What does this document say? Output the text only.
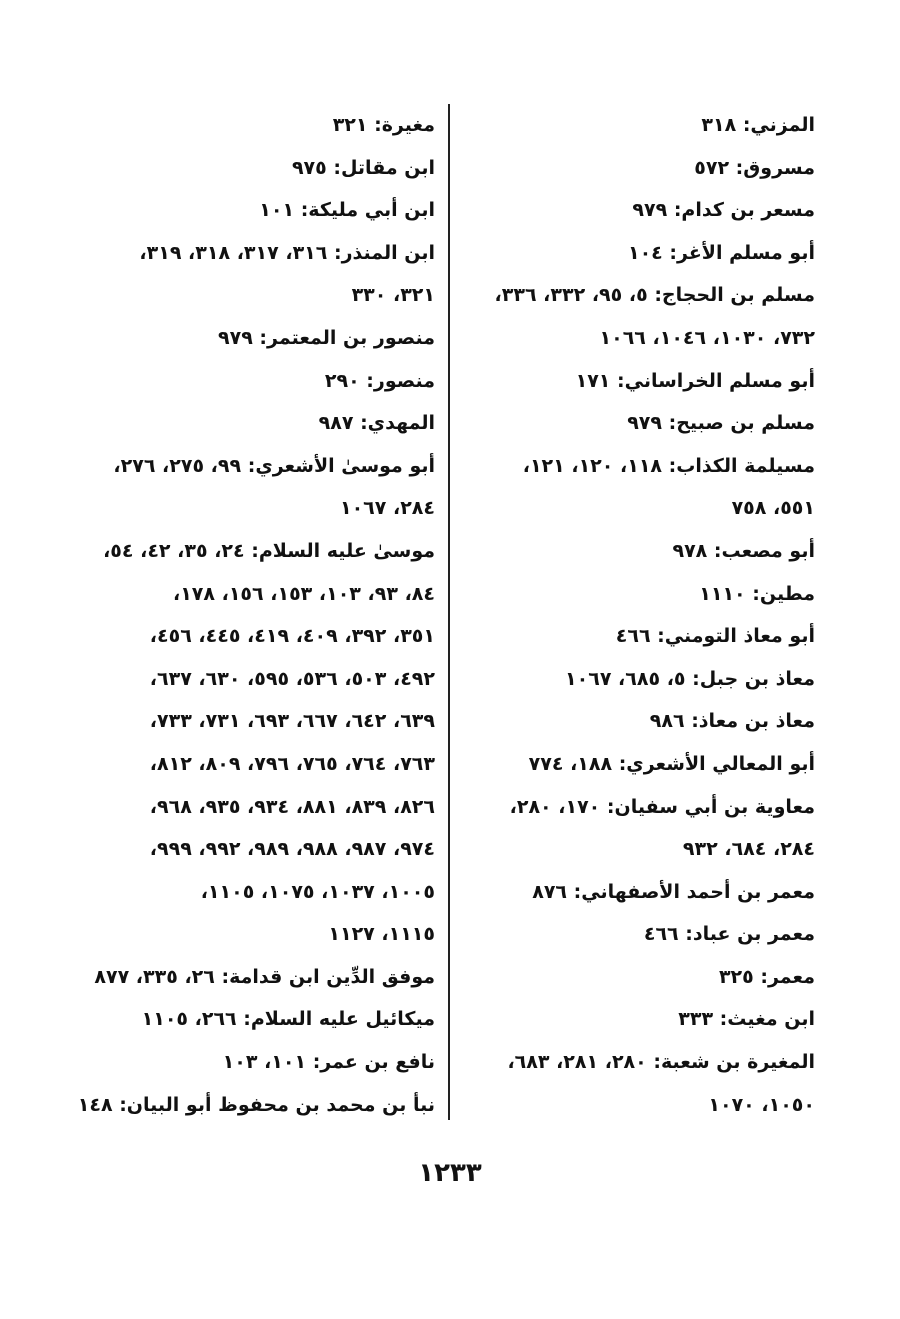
المزني: ٣١٨
مسروق: ٥٧٢
مسعر بن كدام: ٩٧٩
أبو مسلم الأغر: ١٠٤
مسلم بن الحجاج: ٥، ٩٥، ٣٣٢، ٣٣٦،
٧٣٢، ١٠٣٠، ١٠٤٦، ١٠٦٦
أبو مسلم الخراساني: ١٧١
مسلم بن صبيح: ٩٧٩
مسيلمة الكذاب: ١١٨، ١٢٠، ١٢١،
٥٥١، ٧٥٨
أبو مصعب: ٩٧٨
مطين: ١١١٠
أبو معاذ التومني: ٤٦٦
معاذ بن جبل: ٥، ٦٨٥، ١٠٦٧
معاذ بن معاذ: ٩٨٦
أبو المعالي الأشعري: ١٨٨، ٧٧٤
معاوية بن أبي سفيان: ١٧٠، ٢٨٠،
٢٨٤، ٦٨٤، ٩٣٢
معمر بن أحمد الأصفهاني: ٨٧٦
معمر بن عباد: ٤٦٦
معمر: ٣٢٥
ابن مغيث: ٣٣٣
المغيرة بن شعبة: ٢٨٠، ٢٨١، ٦٨٣،
١٠٥٠، ١٠٧٠
مغيرة: ٣٢١
ابن مقاتل: ٩٧٥
ابن أبي مليكة: ١٠١
ابن المنذر: ٣١٦، ٣١٧، ٣١٨، ٣١٩،
٣٢١، ٣٣٠
منصور بن المعتمر: ٩٧٩
منصور: ٢٩٠
المهدي: ٩٨٧
أبو موسىٰ الأشعري: ٩٩، ٢٧٥، ٢٧٦،
٢٨٤، ١٠٦٧
موسىٰ عليه السلام: ٢٤، ٣٥، ٤٢، ٥٤،
٨٤، ٩٣، ١٠٣، ١٥٣، ١٥٦، ١٧٨،
٣٥١، ٣٩٢، ٤٠٩، ٤١٩، ٤٤٥، ٤٥٦،
٤٩٢، ٥٠٣، ٥٣٦، ٥٩٥، ٦٣٠، ٦٣٧،
٦٣٩، ٦٤٢، ٦٦٧، ٦٩٣، ٧٣١، ٧٣٣،
٧٦٣، ٧٦٤، ٧٦٥، ٧٩٦، ٨٠٩، ٨١٢،
٨٢٦، ٨٣٩، ٨٨١، ٩٣٤، ٩٣٥، ٩٦٨،
٩٧٤، ٩٨٧، ٩٨٨، ٩٨٩، ٩٩٢، ٩٩٩،
١٠٠٥، ١٠٣٧، ١٠٧٥، ١١٠٥،
١١١٥، ١١٢٧
موفق الدِّين ابن قدامة: ٢٦، ٣٣٥، ٨٧٧
ميكائيل عليه السلام: ٢٦٦، ١١٠٥
نافع بن عمر: ١٠١، ١٠٣
نبأ بن محمد بن محفوظ أبو البيان: ١٤٨
١٢٣٣
